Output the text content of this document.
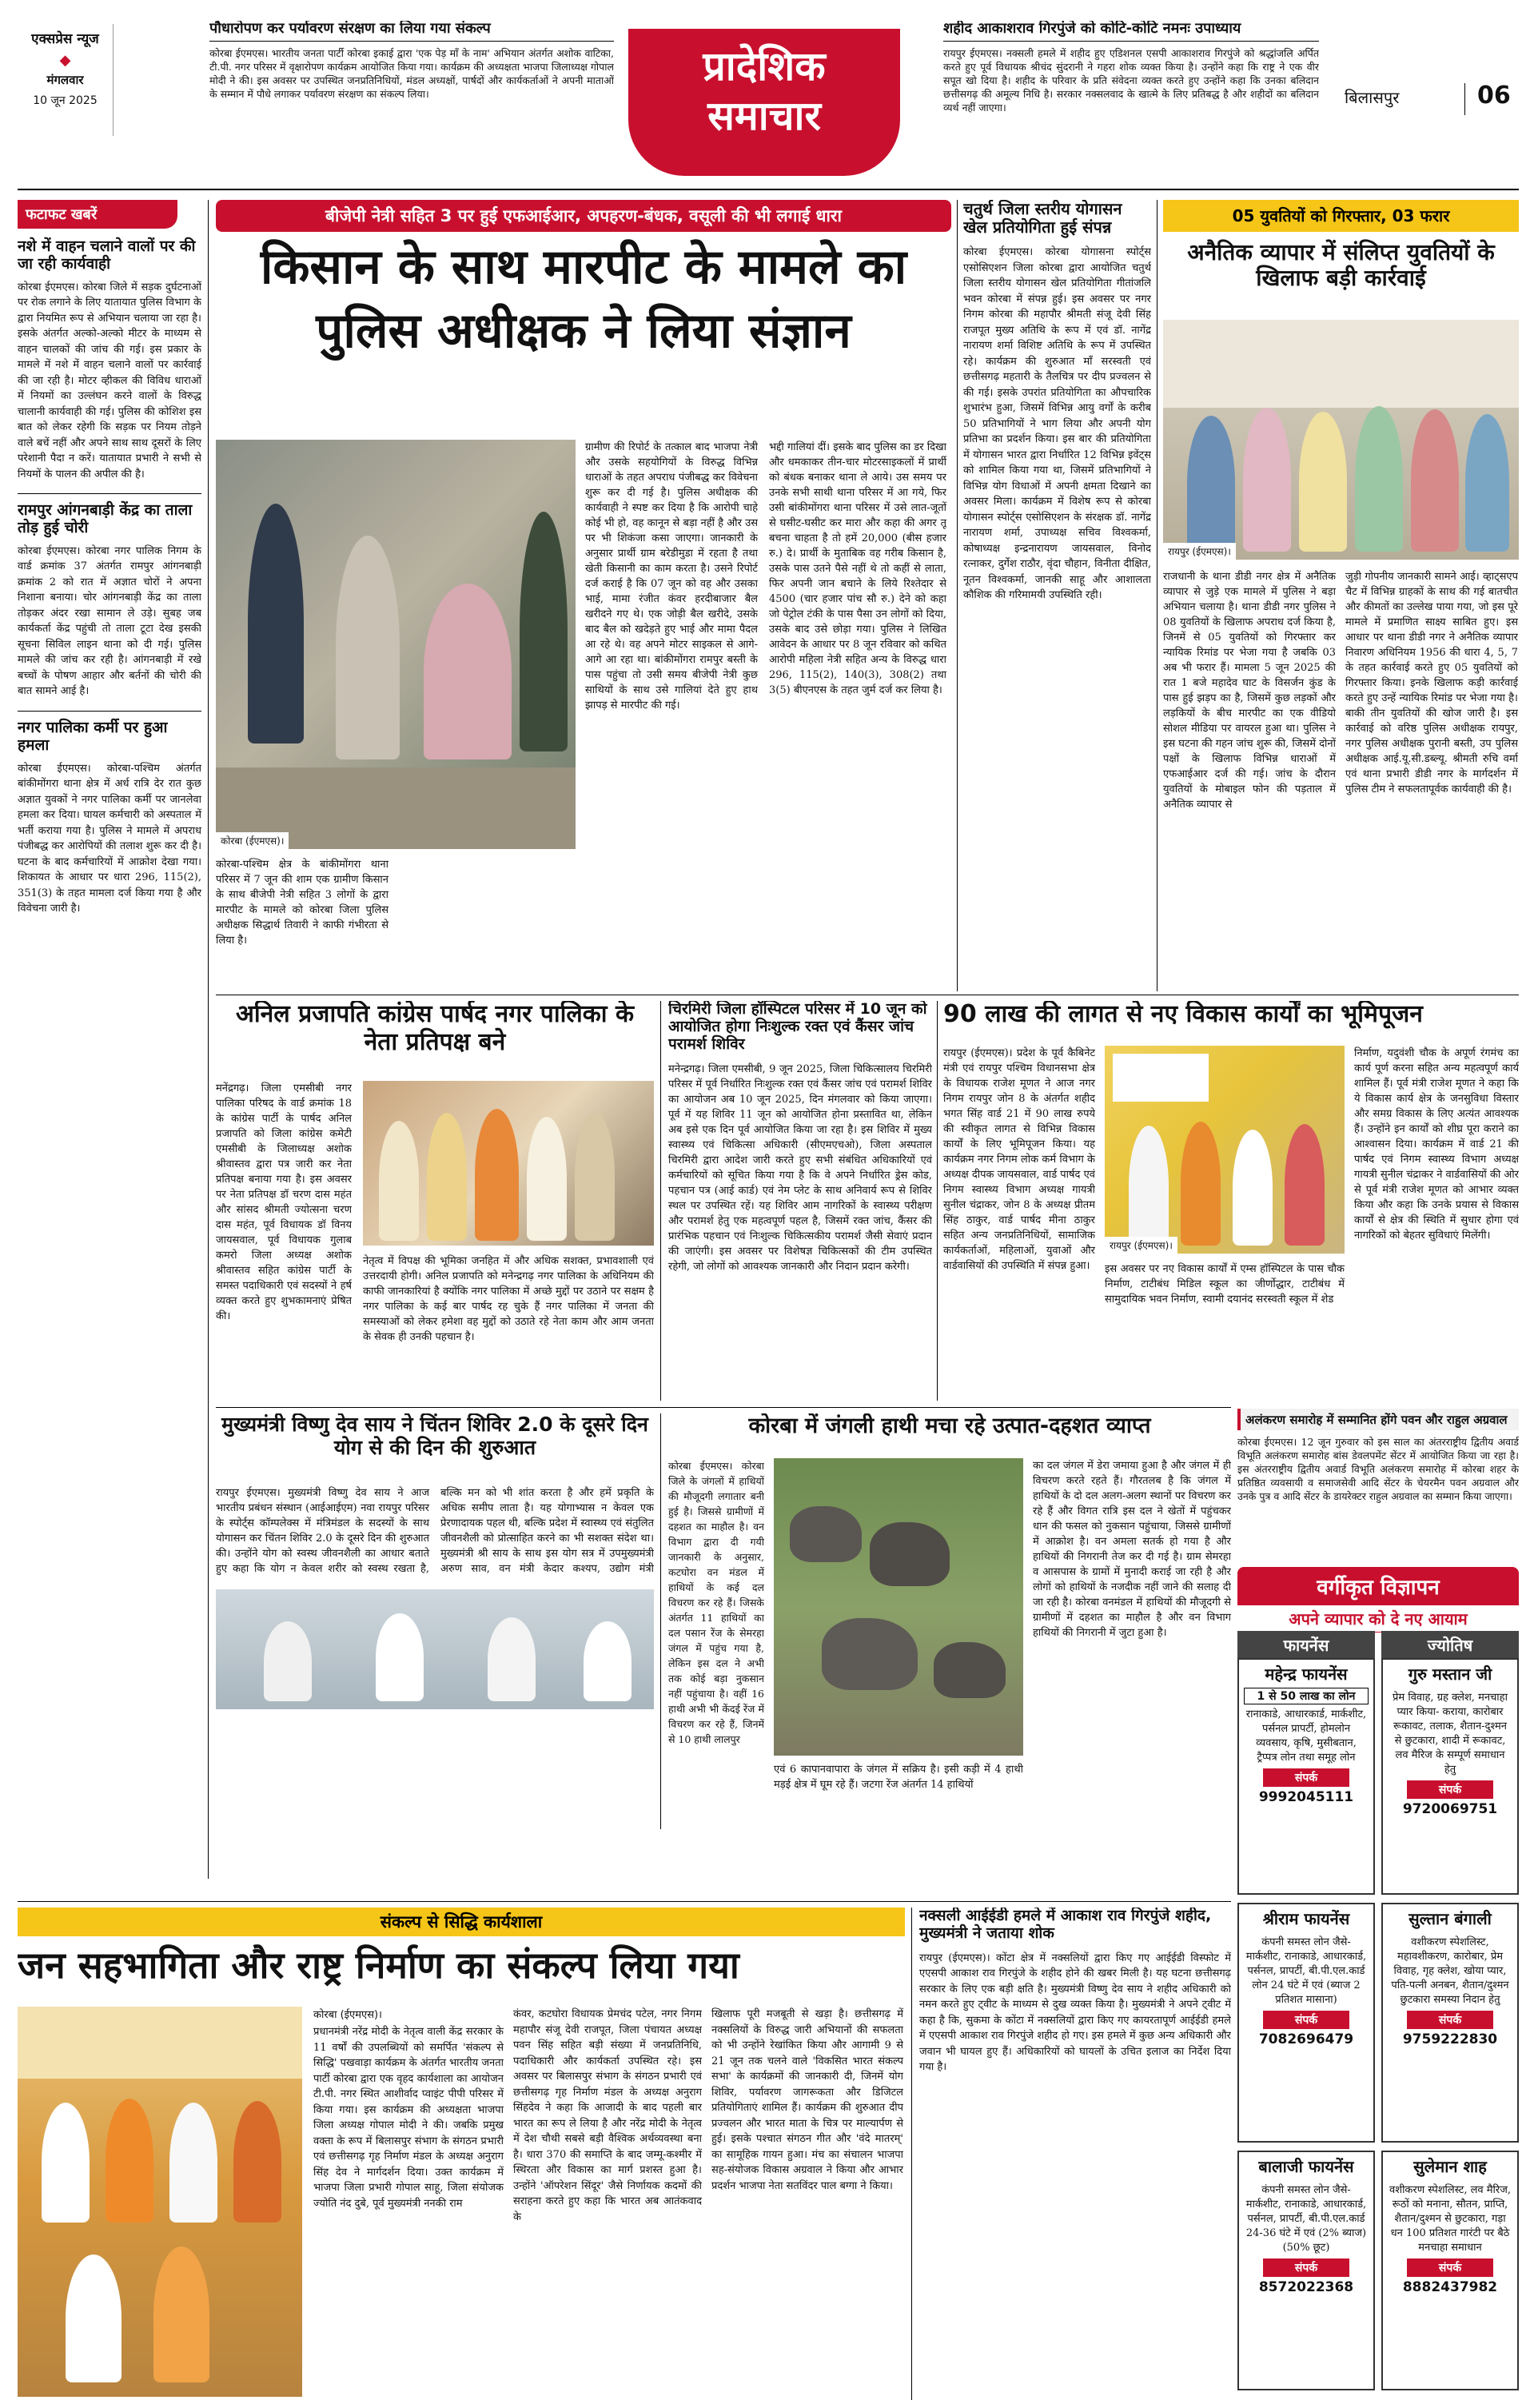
एक्सप्रेस न्यूज
◆
मंगलवार
10 जून 2025
पौधारोपण कर पर्यावरण संरक्षण का लिया गया संकल्प
कोरबा ईएमएस। भारतीय जनता पार्टी कोरबा इकाई द्वारा 'एक पेड़ माँ के नाम' अभियान अंतर्गत अशोक वाटिका, टी.पी. नगर परिसर में वृक्षारोपण कार्यक्रम आयोजित किया गया। कार्यक्रम की अध्यक्षता भाजपा जिलाध्यक्ष गोपाल मोदी ने की। इस अवसर पर उपस्थित जनप्रतिनिधियों, मंडल अध्यक्षों, पार्षदों और कार्यकर्ताओं ने अपनी माताओं के सम्मान में पौधे लगाकर पर्यावरण संरक्षण का संकल्प लिया।
प्रादेशिक
समाचार
शहीद आकाशराव गिरपुंजे को कोटि-कोटि नमनः उपाध्याय
रायपुर ईएमएस। नक्सली हमले में शहीद हुए एडिशनल एसपी आकाशराव गिरपुंजे को श्रद्धांजलि अर्पित करते हुए पूर्व विधायक श्रीचंद सुंदरानी ने गहरा शोक व्यक्त किया है। उन्होंने कहा कि राष्ट्र ने एक वीर सपूत खो दिया है। शहीद के परिवार के प्रति संवेदना व्यक्त करते हुए उन्होंने कहा कि उनका बलिदान छत्तीसगढ़ की अमूल्य निधि है। सरकार नक्सलवाद के खात्मे के लिए प्रतिबद्ध है और शहीदों का बलिदान व्यर्थ नहीं जाएगा।
बिलासपुर	06
फटाफट खबरें
नशे में वाहन चलाने वालों पर की जा रही कार्यवाही
कोरबा ईएमएस। कोरबा जिले में सड़क दुर्घटनाओं पर रोक लगाने के लिए यातायात पुलिस विभाग के द्वारा नियमित रूप से अभियान चलाया जा रहा है। इसके अंतर्गत अल्को-अल्को मीटर के माध्यम से वाहन चालकों की जांच की गई। इस प्रकार के मामले में नशे में वाहन चलाने वालों पर कार्रवाई की जा रही है। मोटर व्हीकल की विविध धाराओं में नियमों का उल्लंघन करने वालों के विरुद्ध चालानी कार्यवाही की गई। पुलिस की कोशिश इस बात को लेकर रहेगी कि सड़क पर नियम तोड़ने वाले बचें नहीं और अपने साथ साथ दूसरों के लिए परेशानी पैदा न करें। यातायात प्रभारी ने सभी से नियमों के पालन की अपील की है।
रामपुर आंगनबाड़ी केंद्र का ताला तोड़ हुई चोरी
कोरबा ईएमएस। कोरबा नगर पालिक निगम के वार्ड क्रमांक 37 अंतर्गत रामपुर आंगनबाड़ी क्रमांक 2 को रात में अज्ञात चोरों ने अपना निशाना बनाया। चोर आंगनबाड़ी केंद्र का ताला तोड़कर अंदर रखा सामान ले उड़े। सुबह जब कार्यकर्ता केंद्र पहुंची तो ताला टूटा देख इसकी सूचना सिविल लाइन थाना को दी गई। पुलिस मामले की जांच कर रही है। आंगनबाड़ी में रखे बच्चों के पोषण आहार और बर्तनों की चोरी की बात सामने आई है।
नगर पालिका कर्मी पर हुआ हमला
कोरबा ईएमएस। कोरबा-पश्चिम अंतर्गत बांकीमोंगरा थाना क्षेत्र में अर्ध रात्रि देर रात कुछ अज्ञात युवकों ने नगर पालिका कर्मी पर जानलेवा हमला कर दिया। घायल कर्मचारी को अस्पताल में भर्ती कराया गया है। पुलिस ने मामले में अपराध पंजीबद्ध कर आरोपियों की तलाश शुरू कर दी है। घटना के बाद कर्मचारियों में आक्रोश देखा गया। शिकायत के आधार पर धारा 296, 115(2), 351(3) के तहत मामला दर्ज किया गया है और विवेचना जारी है।
बीजेपी नेत्री सहित 3 पर हुई एफआईआर, अपहरण-बंधक, वसूली की भी लगाई धारा
किसान के साथ मारपीट के मामले का
पुलिस अधीक्षक ने लिया संज्ञान
कोरबा (ईएमएस)।
कोरबा-पश्चिम क्षेत्र के बांकीमोंगरा थाना परिसर में 7 जून की शाम एक ग्रामीण किसान के साथ बीजेपी नेत्री सहित 3 लोगों के द्वारा मारपीट के मामले को कोरबा जिला पुलिस अधीक्षक सिद्धार्थ तिवारी ने काफी गंभीरता से लिया है।
ग्रामीण की रिपोर्ट के तत्काल बाद भाजपा नेत्री और उसके सहयोगियों के विरुद्ध विभिन्न धाराओं के तहत अपराध पंजीबद्ध कर विवेचना शुरू कर दी गई है। पुलिस अधीक्षक की कार्यवाही ने स्पष्ट कर दिया है कि आरोपी चाहे कोई भी हो, वह कानून से बड़ा नहीं है और उस पर भी शिकंजा कसा जाएगा। जानकारी के अनुसार प्रार्थी ग्राम बरेडीमुडा में रहता है तथा खेती किसानी का काम करता है। उसने रिपोर्ट दर्ज कराई है कि 07 जून को वह और उसका भाई, मामा रंजीत कंवर हरदीबाजार बैल खरीदने गए थे। एक जोड़ी बैल खरीदे, उसके बाद बैल को खदेड़ते हुए भाई और मामा पैदल आ रहे थे। वह अपने मोटर साइकल से आगे-आगे आ रहा था। बांकीमोंगरा रामपुर बस्ती के पास पहुंचा तो उसी समय बीजेपी नेत्री कुछ साथियों के साथ उसे गालियां देते हुए हाथ झापड़ से मारपीट की गई।
भद्दी गालियां दीं। इसके बाद पुलिस का डर दिखा और धमकाकर तीन-चार मोटरसाइकलों में प्रार्थी को बंधक बनाकर थाना ले आये। उस समय पर उनके सभी साथी थाना परिसर में आ गये, फिर उसी बांकीमोंगरा थाना परिसर में उसे लात-जूतों से घसीट-घसीट कर मारा और कहा की अगर तू बचना चाहता है तो हमें 20,000 (बीस हजार रु.) दे। प्रार्थी के मुताबिक वह गरीब किसान है, उसके पास उतने पैसे नहीं थे तो कहीं से लाता, फिर अपनी जान बचाने के लिये रिश्तेदार से 4500 (चार हजार पांच सौ रु.) देने को कहा जो पेट्रोल टंकी के पास पैसा उन लोगों को दिया, उसके बाद उसे छोड़ा गया। पुलिस ने लिखित आवेदन के आधार पर 8 जून रविवार को कथित आरोपी महिला नेत्री सहित अन्य के विरुद्ध धारा 296, 115(2), 140(3), 308(2) तथा 3(5) बीएनएस के तहत जुर्म दर्ज कर लिया है।
चतुर्थ जिला स्तरीय योगासन खेल प्रतियोगिता हुई संपन्न
कोरबा ईएमएस। कोरबा योगासना स्पोर्ट्स एसोसिएशन जिला कोरबा द्वारा आयोजित चतुर्थ जिला स्तरीय योगासन खेल प्रतियोगिता गीतांजलि भवन कोरबा में संपन्न हुई। इस अवसर पर नगर निगम कोरबा की महापौर श्रीमती संजू देवी सिंह राजपूत मुख्य अतिथि के रूप में एवं डॉ. नागेंद्र नारायण शर्मा विशिष्ट अतिथि के रूप में उपस्थित रहे। कार्यक्रम की शुरुआत माँ सरस्वती एवं छत्तीसगढ़ महतारी के तैलचित्र पर दीप प्रज्वलन से की गई। इसके उपरांत प्रतियोगिता का औपचारिक शुभारंभ हुआ, जिसमें विभिन्न आयु वर्गों के करीब 50 प्रतिभागियों ने भाग लिया और अपनी योग प्रतिभा का प्रदर्शन किया। इस बार की प्रतियोगिता में योगासन भारत द्वारा निर्धारित 12 विभिन्न इवेंट्स को शामिल किया गया था, जिसमें प्रतिभागियों ने विभिन्न योग विधाओं में अपनी क्षमता दिखाने का अवसर मिला। कार्यक्रम में विशेष रूप से कोरबा योगासन स्पोर्ट्स एसोसिएशन के संरक्षक डॉ. नागेंद्र नारायण शर्मा, उपाध्यक्ष सचिव विश्वकर्मा, कोषाध्यक्ष इन्द्रनारायण जायसवाल, विनोद रत्नाकर, दुर्गेश राठौर, वृंदा चौहान, विनीता दीक्षित, नूतन विश्वकर्मा, जानकी साहू और आशालता कौशिक की गरिमामयी उपस्थिति रही।
05 युवतियों को गिरफ्तार, 03 फरार
अनैतिक व्यापार में संलिप्त युवतियों के खिलाफ बड़ी कार्रवाई
रायपुर (ईएमएस)।
राजधानी के थाना डीडी नगर क्षेत्र में अनैतिक व्यापार से जुड़े एक मामले में पुलिस ने बड़ा अभियान चलाया है। थाना डीडी नगर पुलिस ने 08 युवतियों के खिलाफ अपराध दर्ज किया है, जिनमें से 05 युवतियों को गिरफ्तार कर न्यायिक रिमांड पर भेजा गया है जबकि 03 अब भी फरार हैं। मामला 5 जून 2025 की रात 1 बजे महादेव घाट के विसर्जन कुंड के पास हुई झड़प का है, जिसमें कुछ लड़कों और लड़कियों के बीच मारपीट का एक वीडियो सोशल मीडिया पर वायरल हुआ था। पुलिस ने इस घटना की गहन जांच शुरू की, जिसमें दोनों पक्षों के खिलाफ विभिन्न धाराओं में एफआईआर दर्ज की गई। जांच के दौरान युवतियों के मोबाइल फोन की पड़ताल में अनैतिक व्यापार से
जुड़ी गोपनीय जानकारी सामने आई। व्हाट्सएप चैट में विभिन्न ग्राहकों के साथ की गई बातचीत और कीमतों का उल्लेख पाया गया, जो इस पूरे मामले में प्रमाणित साक्ष्य साबित हुए। इस आधार पर थाना डीडी नगर ने अनैतिक व्यापार निवारण अधिनियम 1956 की धारा 4, 5, 7 के तहत कार्रवाई करते हुए 05 युवतियों को गिरफ्तार किया। इनके खिलाफ कड़ी कार्रवाई करते हुए उन्हें न्यायिक रिमांड पर भेजा गया है। बाकी तीन युवतियों की खोज जारी है। इस कार्रवाई को वरिष्ठ पुलिस अधीक्षक रायपुर, नगर पुलिस अधीक्षक पुरानी बस्ती, उप पुलिस अधीक्षक आई.यू.सी.डब्ल्यू. श्रीमती रुचि वर्मा एवं थाना प्रभारी डीडी नगर के मार्गदर्शन में पुलिस टीम ने सफलतापूर्वक कार्यवाही की है।
अनिल प्रजापति कांग्रेस पार्षद नगर पालिका के नेता प्रतिपक्ष बने
मनेंद्रगढ़। जिला एमसीबी नगर पालिका परिषद के वार्ड क्रमांक 18 के कांग्रेस पार्टी के पार्षद अनिल प्रजापति को जिला कांग्रेस कमेटी एमसीबी के जिलाध्यक्ष अशोक श्रीवास्तव द्वारा पत्र जारी कर नेता प्रतिपक्ष बनाया गया है। इस अवसर पर नेता प्रतिपक्ष डॉ चरण दास महंत और सांसद श्रीमती ज्योत्सना चरण दास महंत, पूर्व विधायक डॉ विनय जायसवाल, पूर्व विधायक गुलाब कमरो जिला अध्यक्ष अशोक श्रीवास्तव सहित कांग्रेस पार्टी के समस्त पदाधिकारी एवं सदस्यों ने हर्ष व्यक्त करते हुए शुभकामनाएं प्रेषित की।
नेतृत्व में विपक्ष की भूमिका जनहित में और अधिक सशक्त, प्रभावशाली एवं उत्तरदायी होगी। अनिल प्रजापति को मनेन्द्रगढ़ नगर पालिका के अधिनियम की काफी जानकारियां है क्योंकि नगर पालिका में अच्छे मुद्दों पर उठाने पर सक्षम है नगर पालिका के कई बार पार्षद रह चुके हैं नगर पालिका में जनता की समस्याओं को लेकर हमेशा वह मुद्दों को उठाते रहे नेता काम और आम जनता के सेवक ही उनकी पहचान है।
चिरमिरी जिला हॉस्पिटल परिसर में 10 जून को आयोजित होगा निःशुल्क रक्त एवं कैंसर जांच परामर्श शिविर
मनेन्द्रगढ़। जिला एमसीबी, 9 जून 2025, जिला चिकित्सालय चिरमिरी परिसर में पूर्व निर्धारित निःशुल्क रक्त एवं कैंसर जांच एवं परामर्श शिविर का आयोजन अब 10 जून 2025, दिन मंगलवार को किया जाएगा। पूर्व में यह शिविर 11 जून को आयोजित होना प्रस्तावित था, लेकिन अब इसे एक दिन पूर्व आयोजित किया जा रहा है। इस शिविर में मुख्य स्वास्थ्य एवं चिकित्सा अधिकारी (सीएमएचओ), जिला अस्पताल चिरमिरी द्वारा आदेश जारी करते हुए सभी संबंधित अधिकारियों एवं कर्मचारियों को सूचित किया गया है कि वे अपने निर्धारित ड्रेस कोड, पहचान पत्र (आई कार्ड) एवं नेम प्लेट के साथ अनिवार्य रूप से शिविर स्थल पर उपस्थित रहें। यह शिविर आम नागरिकों के स्वास्थ्य परीक्षण और परामर्श हेतु एक महत्वपूर्ण पहल है, जिसमें रक्त जांच, कैंसर की प्रारंभिक पहचान एवं निःशुल्क चिकित्सकीय परामर्श जैसी सेवाएं प्रदान की जाएंगी। इस अवसर पर विशेषज्ञ चिकित्सकों की टीम उपस्थित रहेगी, जो लोगों को आवश्यक जानकारी और निदान प्रदान करेगी।
90 लाख की लागत से नए विकास कार्यों का भूमिपूजन
रायपुर (ईएमएस)। प्रदेश के पूर्व कैबिनेट मंत्री एवं रायपुर पश्चिम विधानसभा क्षेत्र के विधायक राजेश मूणत ने आज नगर निगम रायपुर जोन 8 के अंतर्गत शहीद भगत सिंह वार्ड 21 में 90 लाख रुपये की स्वीकृत लागत से विभिन्न विकास कार्यों के लिए भूमिपूजन किया। यह कार्यक्रम नगर निगम लोक कर्म विभाग के अध्यक्ष दीपक जायसवाल, वार्ड पार्षद एवं निगम स्वास्थ्य विभाग अध्यक्ष गायत्री सुनील चंद्राकर, जोन 8 के अध्यक्ष प्रीतम सिंह ठाकुर, वार्ड पार्षद मीना ठाकुर सहित अन्य जनप्रतिनिधियों, सामाजिक कार्यकर्ताओं, महिलाओं, युवाओं और वार्डवासियों की उपस्थिति में संपन्न हुआ।
रायपुर (ईएमएस)।
इस अवसर पर नए विकास कार्यों में एम्स हॉस्पिटल के पास चौक निर्माण, टाटीबंध मिडिल स्कूल का जीर्णोद्धार, टाटीबंध में सामुदायिक भवन निर्माण, स्वामी दयानंद सरस्वती स्कूल में शेड
निर्माण, यदुवंशी चौक के अपूर्ण रंगमंच का कार्य पूर्ण करना सहित अन्य महत्वपूर्ण कार्य शामिल हैं। पूर्व मंत्री राजेश मूणत ने कहा कि ये विकास कार्य क्षेत्र के जनसुविधा विस्तार और समग्र विकास के लिए अत्यंत आवश्यक हैं। उन्होंने इन कार्यों को शीघ्र पूरा कराने का आश्वासन दिया। कार्यक्रम में वार्ड 21 की पार्षद एवं निगम स्वास्थ्य विभाग अध्यक्ष गायत्री सुनील चंद्राकर ने वार्डवासियों की ओर से पूर्व मंत्री राजेश मूणत को आभार व्यक्त किया और कहा कि उनके प्रयास से विकास कार्यों से क्षेत्र की स्थिति में सुधार होगा एवं नागरिकों को बेहतर सुविधाएं मिलेंगी।
मुख्यमंत्री विष्णु देव साय ने चिंतन शिविर 2.0 के दूसरे दिन योग से की दिन की शुरुआत
रायपुर ईएमएस। मुख्यमंत्री विष्णु देव साय ने आज भारतीय प्रबंधन संस्थान (आईआईएम) नवा रायपुर परिसर के स्पोर्ट्स कॉम्पलेक्स में मंत्रिमंडल के सदस्यों के साथ योगासन कर चिंतन शिविर 2.0 के दूसरे दिन की शुरुआत की। उन्होंने योग को स्वस्थ जीवनशैली का आधार बताते हुए कहा कि योग न केवल शरीर को स्वस्थ रखता है, बल्कि मन को भी शांत करता है और हमें प्रकृति के अधिक समीप लाता है। यह योगाभ्यास न केवल एक प्रेरणादायक पहल थी, बल्कि प्रदेश में स्वास्थ्य एवं संतुलित जीवनशैली को प्रोत्साहित करने का भी सशक्त संदेश था। मुख्यमंत्री श्री साय के साथ इस योग सत्र में उपमुख्यमंत्री अरुण साव, वन मंत्री केदार कश्यप, उद्योग मंत्री
कोरबा में जंगली हाथी मचा रहे उत्पात-दहशत व्याप्त
कोरबा ईएमएस। कोरबा जिले के जंगलों में हाथियों की मौजूदगी लगातार बनी हुई है। जिससे ग्रामीणों में दहशत का माहौल है। वन विभाग द्वारा दी गयी जानकारी के अनुसार, कटघोरा वन मंडल में हाथियों के कई दल विचरण कर रहे हैं। जिसके अंतर्गत 11 हाथियों का दल पसान रेंज के सेमरहा जंगल में पहुंच गया है, लेकिन इस दल ने अभी तक कोई बड़ा नुकसान नहीं पहुंचाया है। वहीं 16 हाथी अभी भी केंदई रेंज में विचरण कर रहे हैं, जिनमें से 10 हाथी लालपुर
एवं 6 कापानवापारा के जंगल में सक्रिय है। इसी कड़ी में 4 हाथी मड़ई क्षेत्र में घूम रहे हैं। जटगा रेंज अंतर्गत 14 हाथियों
का दल जंगल में डेरा जमाया हुआ है और जंगल में ही विचरण करते रहते हैं। गौरतलब है कि जंगल में हाथियों के दो दल अलग-अलग स्थानों पर विचरण कर रहे हैं और विगत रात्रि इस दल ने खेतों में पहुंचकर धान की फसल को नुकसान पहुंचाया, जिससे ग्रामीणों में आक्रोश है। वन अमला सतर्क हो गया है और हाथियों की निगरानी तेज कर दी गई है। ग्राम सेमरहा व आसपास के ग्रामों में मुनादी कराई जा रही है और लोगों को हाथियों के नजदीक नहीं जाने की सलाह दी जा रही है। कोरबा वनमंडल में हाथियों की मौजूदगी से ग्रामीणों में दहशत का माहौल है और वन विभाग हाथियों की निगरानी में जुटा हुआ है।
अलंकरण समारोह में सम्मानित होंगे पवन और राहुल अग्रवाल
कोरबा ईएमएस। 12 जून गुरुवार को इस साल का अंतरराष्ट्रीय द्वितीय अवार्ड विभूति अलंकरण समारोह बांस डेवलपमेंट सेंटर में आयोजित किया जा रहा है। इस अंतरराष्ट्रीय द्वितीय अवार्ड विभूति अलंकरण समारोह में कोरबा शहर के प्रतिष्ठित व्यवसायी व समाजसेवी आदि सेंटर के चेयरमैन पवन अग्रवाल और उनके पुत्र व आदि सेंटर के डायरेक्टर राहुल अग्रवाल का सम्मान किया जाएगा।
वर्गीकृत विज्ञापन
अपने व्यापार को दे नए आयाम
फायनेंस	ज्योतिष
महेन्द्र फायनेंस
1 से 50 लाख का लोन
रानाकाडे, आधारकार्ड, मार्कशीट, पर्सनल प्रापर्टी, होमलोन व्यवसाय, कृषि, मुसीबतान, ट्रैप्पत्र लोन तथा समूह लोन
संपर्क
9992045111
गुरु मस्तान जी
प्रेम विवाह, ग्रह क्लेश, मनचाहा प्यार किया- कराया, कारोबार रूकावट, तलाक, शैतान-दुश्मन से छुटकारा, शादी में रूकावट, लव मैरिज के सम्पूर्ण समाधान हेतु
संपर्क
9720069751
श्रीराम फायनेंस
कंपनी समस्त लोन जैसे-मार्कशीट, रानाकाडे, आधारकार्ड, पर्सनल, प्रापर्टी, बी.पी.एल.कार्ड लोन 24 घंटे में एवं (ब्याज 2 प्रतिशत मासाना)
संपर्क
7082696479
सुल्तान बंगाली
वशीकरण स्पेशलिस्ट, महावशीकरण, कारोबार, प्रेम विवाह, गृह क्लेश, खोया प्यार, पति-पत्नी अनबन, शैतान/दुश्मन छुटकारा समस्या निदान हेतु
संपर्क
9759222830
बालाजी फायनेंस
कंपनी समस्त लोन जैसे-मार्कशीट, रानाकाडे, आधारकार्ड, पर्सनल, प्रापर्टी, बी.पी.एल.कार्ड 24-36 घंटे में एवं (2% ब्याज) (50% छूट)
संपर्क
8572022368
सुलेमान शाह
वशीकरण स्पेशलिस्ट, लव मैरिज, रूठों को मनाना, सौतन, प्राप्ति, शैतान/दुश्मन से छुटकारा, गड़ा धन 100 प्रतिशत गारंटी पर बैठे मनचाहा समाधान
संपर्क
8882437982
संकल्प से सिद्धि कार्यशाला
जन सहभागिता और राष्ट्र निर्माण का संकल्प लिया गया
कोरबा (ईएमएस)।
प्रधानमंत्री नरेंद्र मोदी के नेतृत्व वाली केंद्र सरकार के 11 वर्षों की उपलब्धियों को समर्पित 'संकल्प से सिद्धि' पखवाड़ा कार्यक्रम के अंतर्गत भारतीय जनता पार्टी कोरबा द्वारा एक वृहद कार्यशाला का आयोजन टी.पी. नगर स्थित आशीर्वाद प्वाइंट पीपी परिसर में किया गया। इस कार्यक्रम की अध्यक्षता भाजपा जिला अध्यक्ष गोपाल मोदी ने की। जबकि प्रमुख वक्ता के रूप में बिलासपुर संभाग के संगठन प्रभारी एवं छत्तीसगढ़ गृह निर्माण मंडल के अध्यक्ष अनुराग सिंह देव ने मार्गदर्शन दिया। उक्त कार्यक्रम में भाजपा जिला प्रभारी गोपाल साहू, जिला संयोजक ज्योति नंद दुबे, पूर्व मुख्यमंत्री ननकी राम
कंवर, कटघोरा विधायक प्रेमचंद पटेल, नगर निगम महापौर संजू देवी राजपूत, जिला पंचायत अध्यक्ष पवन सिंह सहित बड़ी संख्या में जनप्रतिनिधि, पदाधिकारी और कार्यकर्ता उपस्थित रहे। इस अवसर पर बिलासपुर संभाग के संगठन प्रभारी एवं छत्तीसगढ़ गृह निर्माण मंडल के अध्यक्ष अनुराग सिंहदेव ने कहा कि आजादी के बाद पहली बार भारत का रूप ले लिया है और नरेंद्र मोदी के नेतृत्व में देश चौथी सबसे बड़ी वैश्विक अर्थव्यवस्था बना है। धारा 370 की समाप्ति के बाद जम्मू-कश्मीर में स्थिरता और विकास का मार्ग प्रशस्त हुआ है। उन्होंने 'ऑपरेशन सिंदूर' जैसे निर्णायक कदमों की सराहना करते हुए कहा कि भारत अब आतंकवाद के
खिलाफ पूरी मजबूती से खड़ा है। छत्तीसगढ़ में नक्सलियों के विरुद्ध जारी अभियानों की सफलता को भी उन्होंने रेखांकित किया और आगामी 9 से 21 जून तक चलने वाले 'विकसित भारत संकल्प सभा' के कार्यक्रमों की जानकारी दी, जिनमें योग शिविर, पर्यावरण जागरूकता और डिजिटल प्रतियोगिताएं शामिल हैं। कार्यक्रम की शुरुआत दीप प्रज्वलन और भारत माता के चित्र पर माल्यार्पण से हुई। इसके पश्चात संगठन गीत और 'वंदे मातरम्' का सामूहिक गायन हुआ। मंच का संचालन भाजपा सह-संयोजक विकास अग्रवाल ने किया और आभार प्रदर्शन भाजपा नेता सतविंदर पाल बग्गा ने किया।
नक्सली आईईडी हमले में आकाश राव गिरपुंजे शहीद, मुख्यमंत्री ने जताया शोक
रायपुर (ईएमएस)। कोंटा क्षेत्र में नक्सलियों द्वारा किए गए आईईडी विस्फोट में एएसपी आकाश राव गिरपुंजे के शहीद होने की खबर मिली है। यह घटना छत्तीसगढ़ सरकार के लिए एक बड़ी क्षति है। मुख्यमंत्री विष्णु देव साय ने शहीद अधिकारी को नमन करते हुए ट्वीट के माध्यम से दुख व्यक्त किया है। मुख्यमंत्री ने अपने ट्वीट में कहा है कि, सुकमा के कोंटा में नक्सलियों द्वारा किए गए कायरतापूर्ण आईईडी हमले में एएसपी आकाश राव गिरपुंजे शहीद हो गए। इस हमले में कुछ अन्य अधिकारी और जवान भी घायल हुए हैं। अधिकारियों को घायलों के उचित इलाज का निर्देश दिया गया है।
